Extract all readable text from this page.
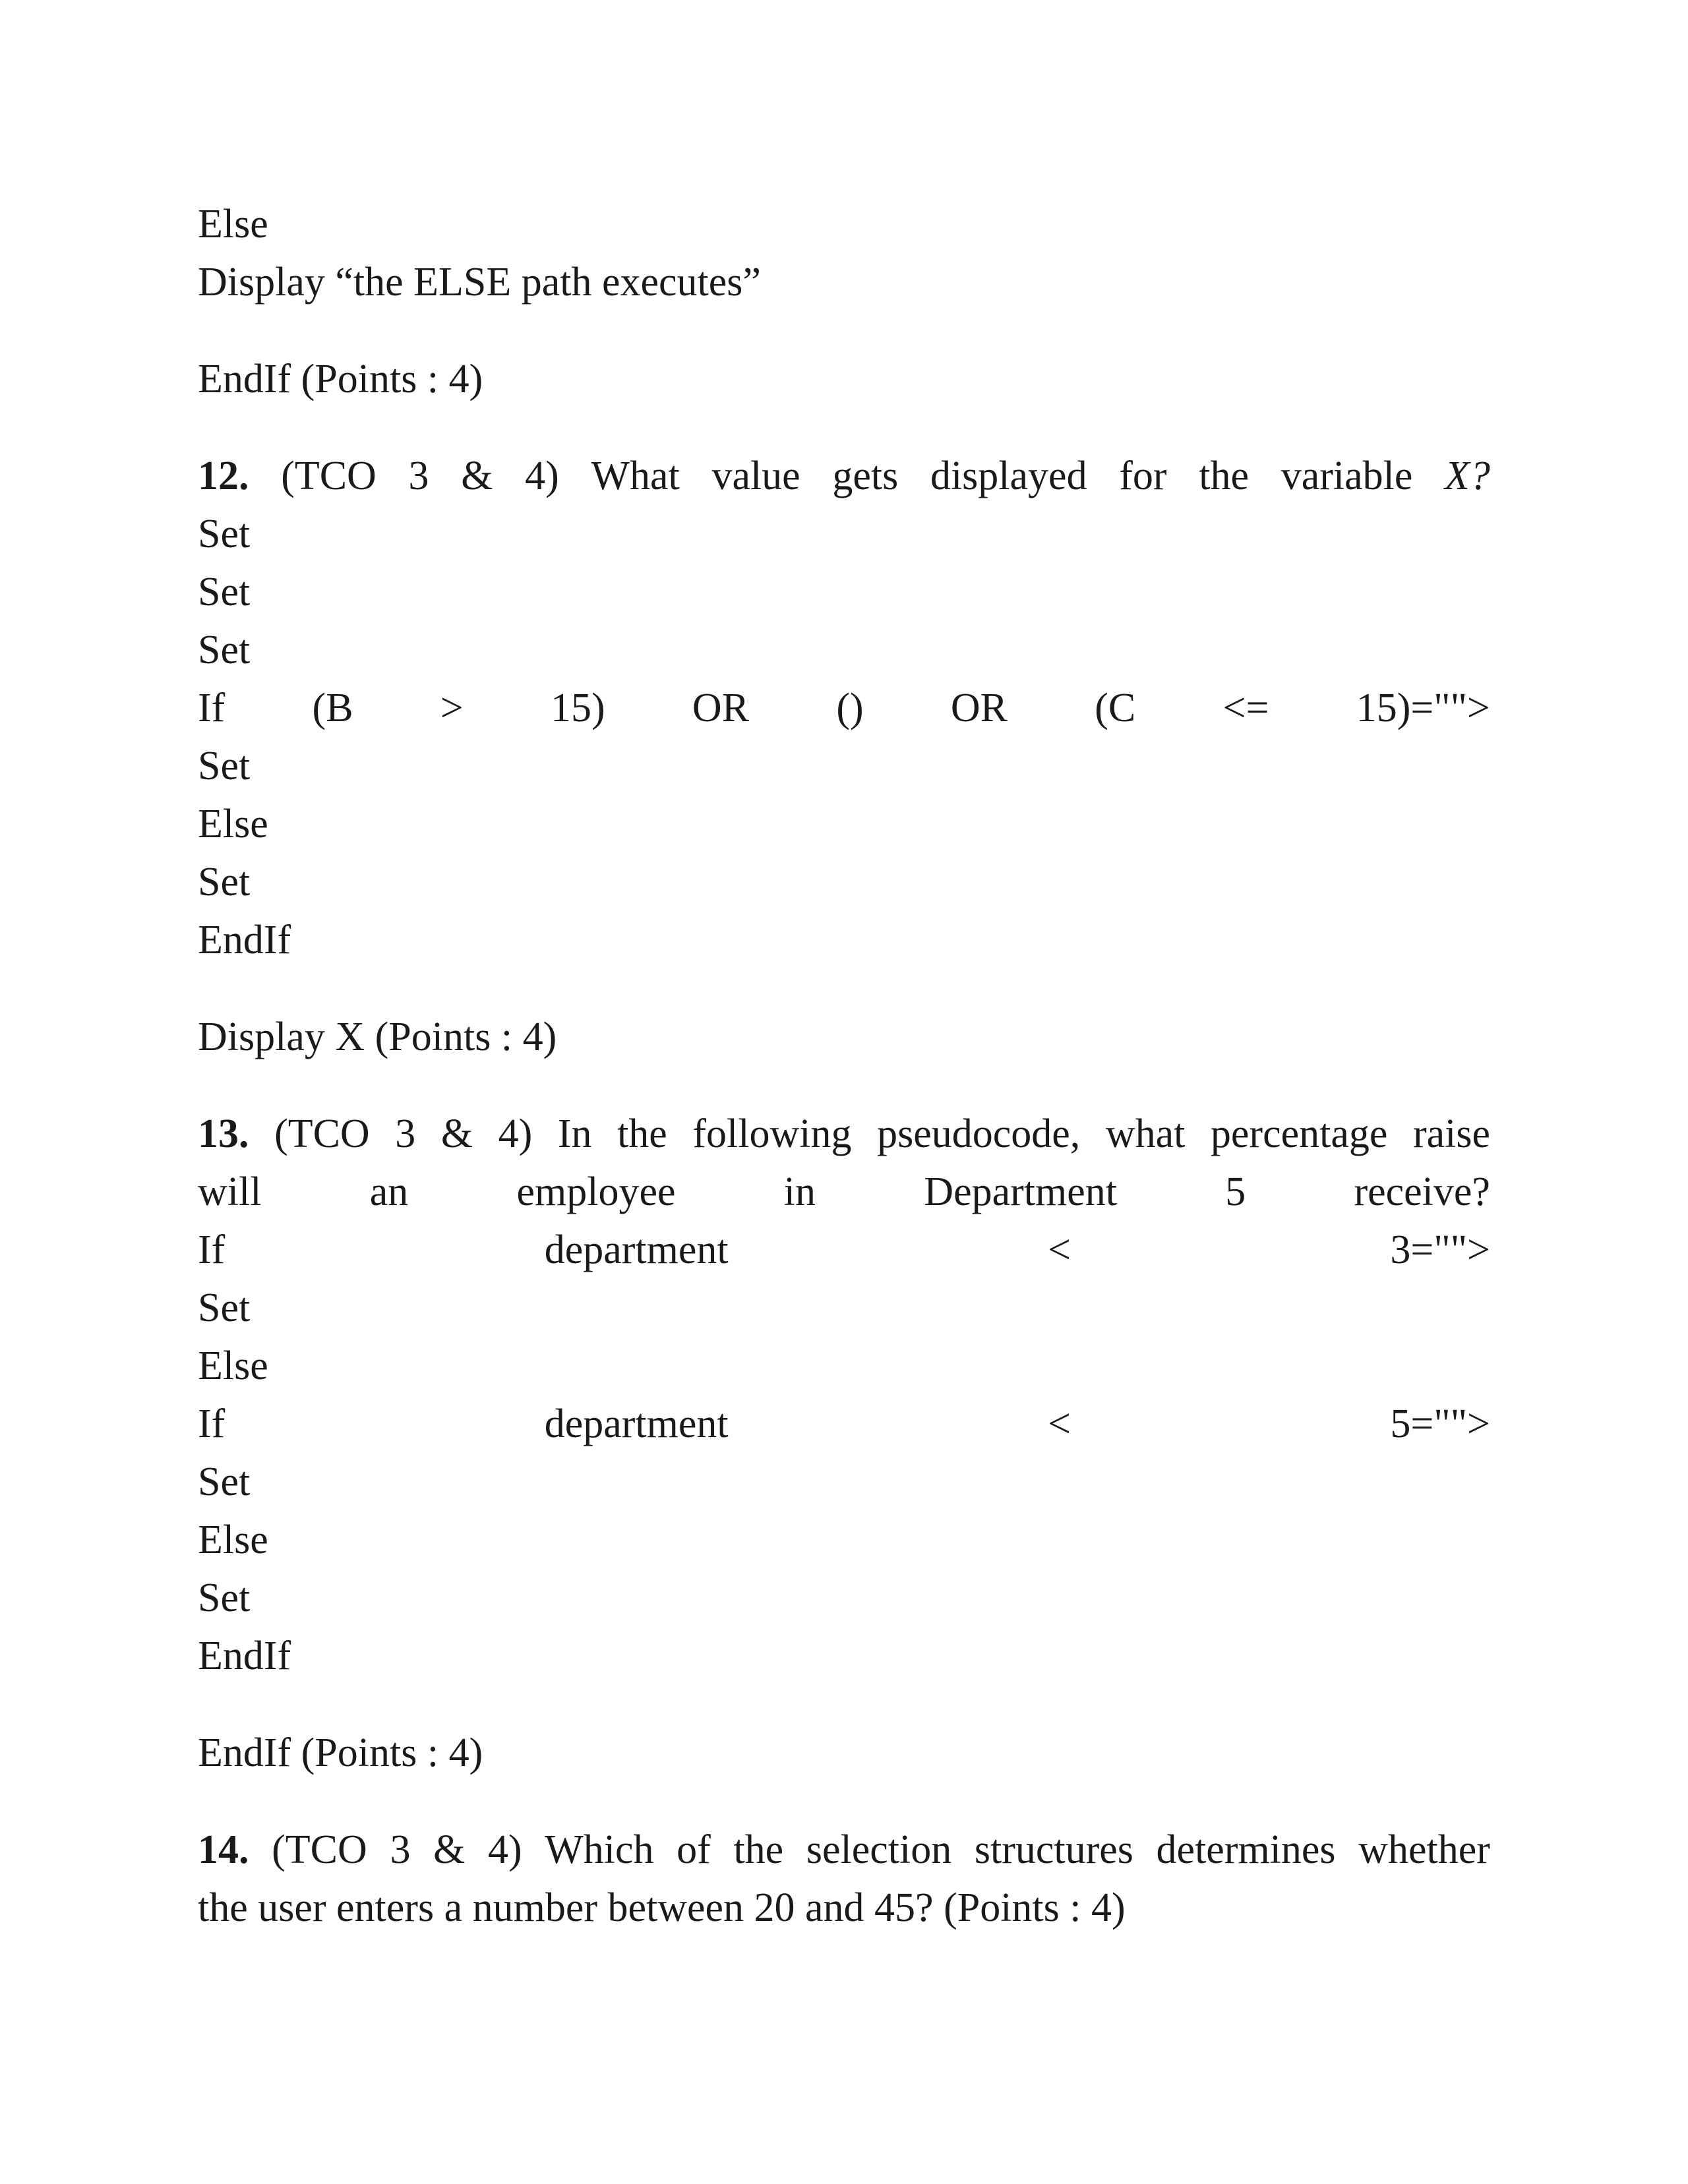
Else
Display “the ELSE path executes”
EndIf (Points : 4)
12. (TCO 3 & 4) What value gets displayed for the variable X?
Set
Set
Set
If (B > 15) OR () OR (C <= 15)="">
Set
Else
Set
EndIf
Display X (Points : 4)
13. (TCO 3 & 4) In the following pseudocode, what percentage raise
will	an	employee	in	Department	5	receive?
If	department	<	3="">
Set
Else
If	department	<	5="">
Set
Else
Set
EndIf
EndIf (Points : 4)
14. (TCO 3 & 4) Which of the selection structures determines whether
the user enters a number between 20 and 45? (Points : 4)
